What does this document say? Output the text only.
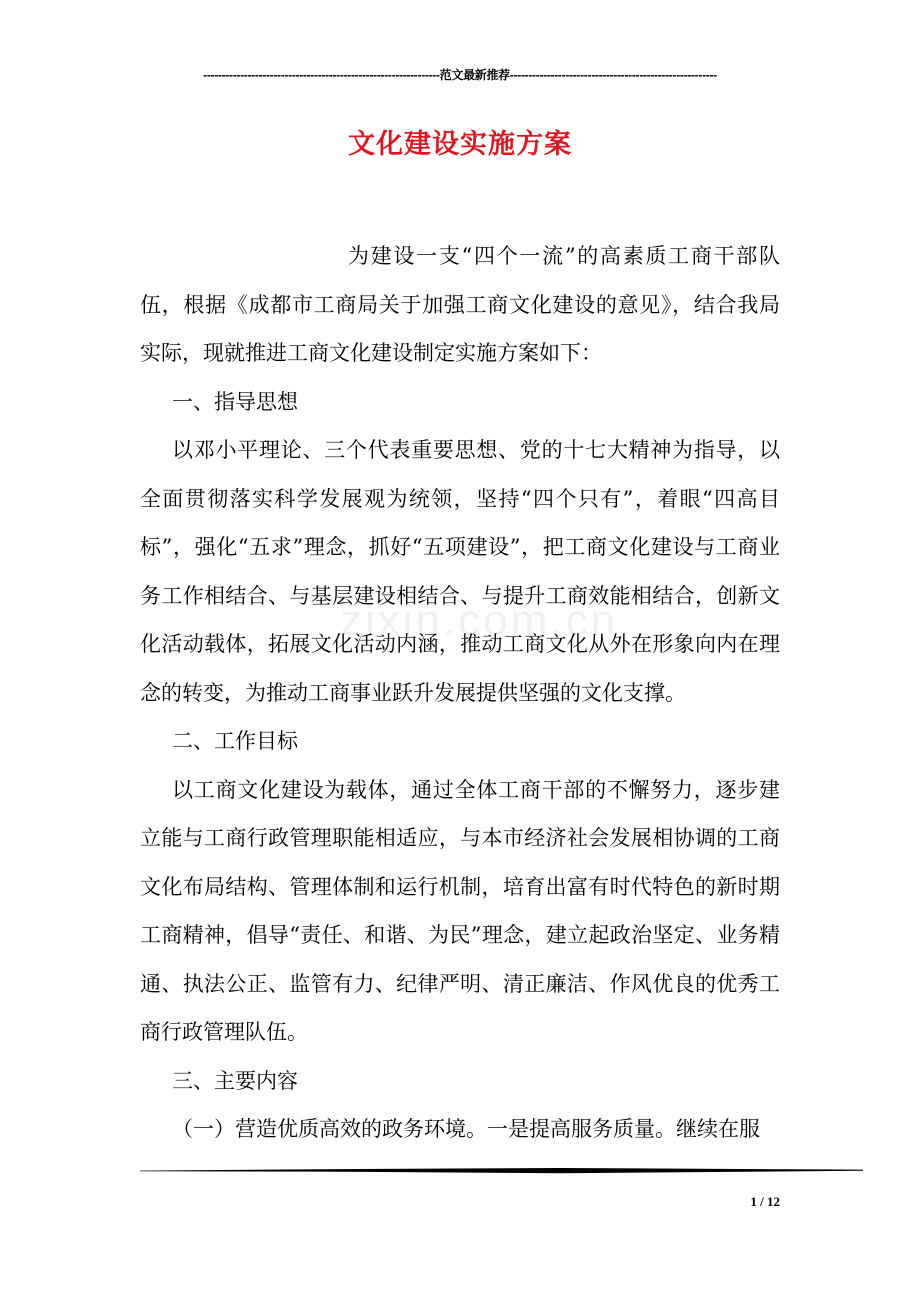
----------------------------------------------------------------范文最新推荐--------------------------------------------------------
文化建设实施方案

为建设一支“四个一流”的高素质工商干部队伍，根据《成都市工商局关于加强工商文化建设的意见》，结合我局实际，现就推进工商文化建设制定实施方案如下：

一、指导思想

以邓小平理论、三个代表重要思想、党的十七大精神为指导，以全面贯彻落实科学发展观为统领，坚持“四个只有”，着眼“四高目标”，强化“五求”理念，抓好“五项建设”，把工商文化建设与工商业务工作相结合、与基层建设相结合、与提升工商效能相结合，创新文化活动载体，拓展文化活动内涵，推动工商文化从外在形象向内在理念的转变，为推动工商事业跃升发展提供坚强的文化支撑。

二、工作目标

以工商文化建设为载体，通过全体工商干部的不懈努力，逐步建立能与工商行政管理职能相适应，与本市经济社会发展相协调的工商文化布局结构、管理体制和运行机制，培育出富有时代特色的新时期工商精神，倡导“责任、和谐、为民”理念，建立起政治坚定、业务精通、执法公正、监管有力、纪律严明、清正廉洁、作风优良的优秀工商行政管理队伍。

三、主要内容

（一）营造优质高效的政务环境。一是提高服务质量。继续在服

zixin.com.cn
1 / 12
